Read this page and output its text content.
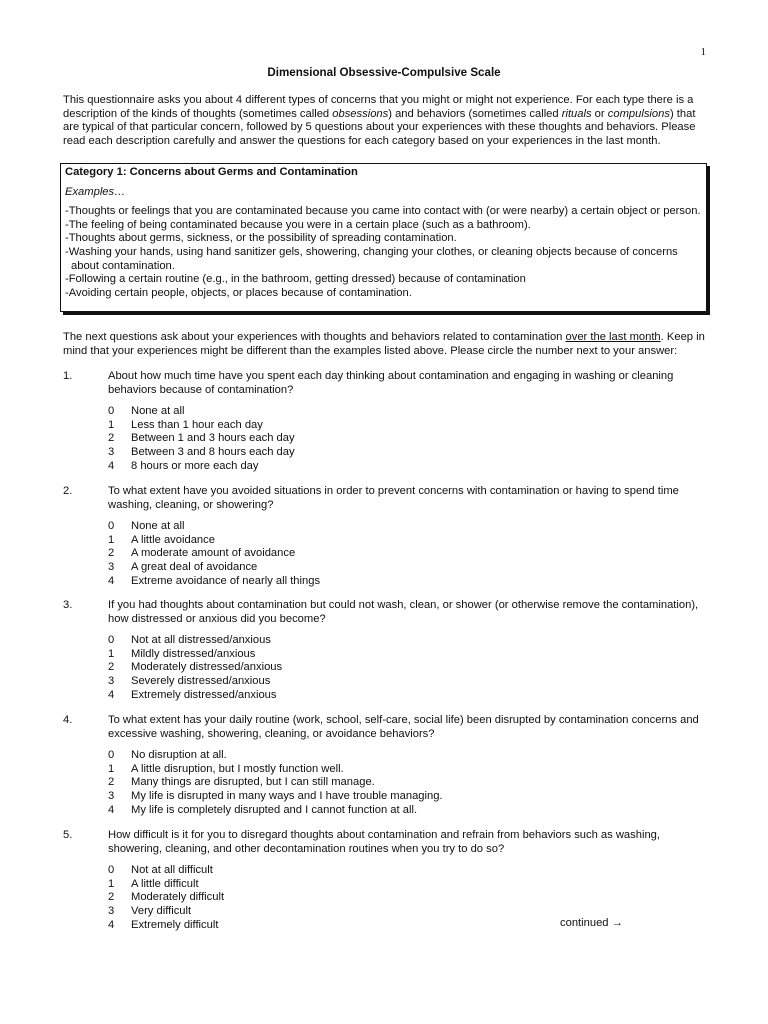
1
Dimensional Obsessive-Compulsive Scale
This questionnaire asks you about 4 different types of concerns that you might or might not experience. For each type there is a description of the kinds of thoughts (sometimes called obsessions) and behaviors (sometimes called rituals or compulsions) that are typical of that particular concern, followed by 5 questions about your experiences with these thoughts and behaviors. Please read each description carefully and answer the questions for each category based on your experiences in the last month.
Category 1: Concerns about Germs and Contamination
Examples…
-Thoughts or feelings that you are contaminated because you came into contact with (or were nearby) a certain object or person.
-The feeling of being contaminated because you were in a certain place (such as a bathroom).
-Thoughts about germs, sickness, or the possibility of spreading contamination.
-Washing your hands, using hand sanitizer gels, showering, changing your clothes, or cleaning objects because of concerns about contamination.
-Following a certain routine (e.g., in the bathroom, getting dressed) because of contamination
-Avoiding certain people, objects, or places because of contamination.
The next questions ask about your experiences with thoughts and behaviors related to contamination over the last month. Keep in mind that your experiences might be different than the examples listed above. Please circle the number next to your answer:
1.	About how much time have you spent each day thinking about contamination and engaging in washing or cleaning behaviors because of contamination?
0	None at all
1	Less than 1 hour each day
2	Between 1 and 3 hours each day
3	Between 3 and 8 hours each day
4	8 hours or more each day
2.	To what extent have you avoided situations in order to prevent concerns with contamination or having to spend time washing, cleaning, or showering?
0	None at all
1	A little avoidance
2	A moderate amount of avoidance
3	A great deal of avoidance
4	Extreme avoidance of nearly all things
3.	If you had thoughts about contamination but could not wash, clean, or shower (or otherwise remove the contamination), how distressed or anxious did you become?
0	Not at all distressed/anxious
1	Mildly distressed/anxious
2	Moderately distressed/anxious
3	Severely distressed/anxious
4	Extremely distressed/anxious
4.	To what extent has your daily routine (work, school, self-care, social life) been disrupted by contamination concerns and excessive washing, showering, cleaning, or avoidance behaviors?
0	No disruption at all.
1	A little disruption, but I mostly function well.
2	Many things are disrupted, but I can still manage.
3	My life is disrupted in many ways and I have trouble managing.
4	My life is completely disrupted and I cannot function at all.
5.	How difficult is it for you to disregard thoughts about contamination and refrain from behaviors such as washing, showering, cleaning, and other decontamination routines when you try to do so?
0	Not at all difficult
1	A little difficult
2	Moderately difficult
3	Very difficult
4	Extremely difficult	continued →
